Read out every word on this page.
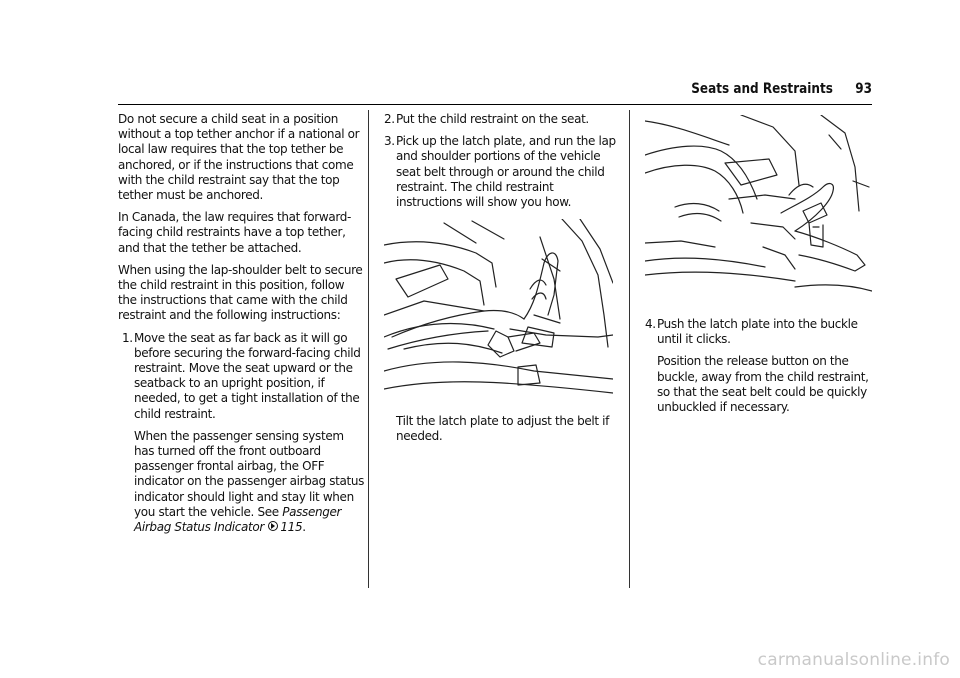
Seats and Restraints 93

Do not secure a child seat in a position without a top tether anchor if a national or local law requires that the top tether be anchored, or if the instructions that come with the child restraint say that the top tether must be anchored.

In Canada, the law requires that forward-facing child restraints have a top tether, and that the tether be attached.

When using the lap-shoulder belt to secure the child restraint in this position, follow the instructions that came with the child restraint and the following instructions:

1. Move the seat as far back as it will go before securing the forward-facing child restraint. Move the seat upward or the seatback to an upright position, if needed, to get a tight installation of the child restraint.

When the passenger sensing system has turned off the front outboard passenger frontal airbag, the OFF indicator on the passenger airbag status indicator should light and stay lit when you start the vehicle. See Passenger Airbag Status Indicator 115.

2. Put the child restraint on the seat.
3. Pick up the latch plate, and run the lap and shoulder portions of the vehicle seat belt through or around the child restraint. The child restraint instructions will show you how.

Tilt the latch plate to adjust the belt if needed.

4. Push the latch plate into the buckle until it clicks.

Position the release button on the buckle, away from the child restraint, so that the seat belt could be quickly unbuckled if necessary.

carmanualsonline.info
